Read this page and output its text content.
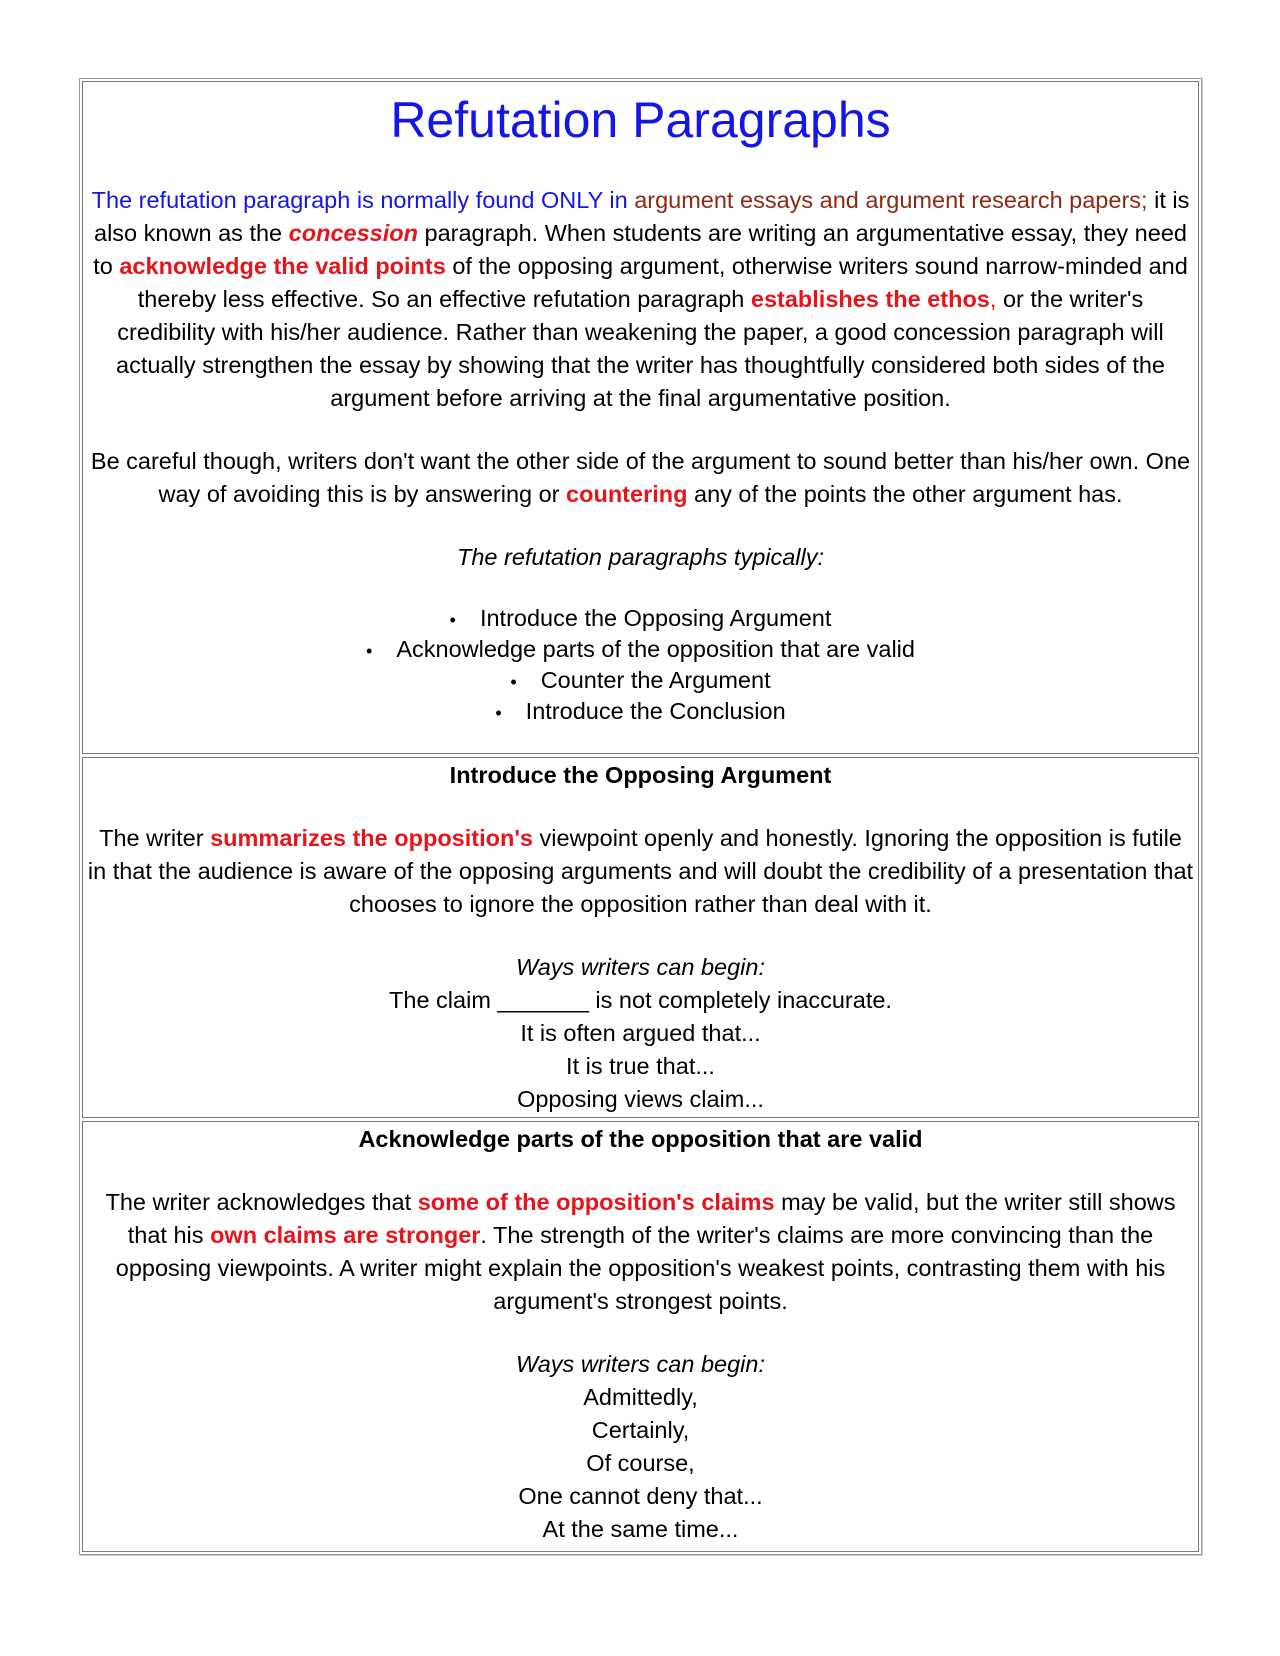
Refutation Paragraphs

The refutation paragraph is normally found ONLY in argument essays and argument research papers; it is also known as the concession paragraph. When students are writing an argumentative essay, they need to acknowledge the valid points of the opposing argument, otherwise writers sound narrow-minded and thereby less effective. So an effective refutation paragraph establishes the ethos, or the writer's credibility with his/her audience. Rather than weakening the paper, a good concession paragraph will actually strengthen the essay by showing that the writer has thoughtfully considered both sides of the argument before arriving at the final argumentative position.

Be careful though, writers don't want the other side of the argument to sound better than his/her own. One way of avoiding this is by answering or countering any of the points the other argument has.

The refutation paragraphs typically:

• Introduce the Opposing Argument
• Acknowledge parts of the opposition that are valid
• Counter the Argument
• Introduce the Conclusion

Introduce the Opposing Argument

The writer summarizes the opposition's viewpoint openly and honestly. Ignoring the opposition is futile in that the audience is aware of the opposing arguments and will doubt the credibility of a presentation that chooses to ignore the opposition rather than deal with it.

Ways writers can begin:

The claim _______ is not completely inaccurate.
It is often argued that...
It is true that...
Opposing views claim...

Acknowledge parts of the opposition that are valid

The writer acknowledges that some of the opposition's claims may be valid, but the writer still shows that his own claims are stronger. The strength of the writer's claims are more convincing than the opposing viewpoints. A writer might explain the opposition's weakest points, contrasting them with his argument's strongest points.

Ways writers can begin:

Admittedly,
Certainly,
Of course,
One cannot deny that...
At the same time...
